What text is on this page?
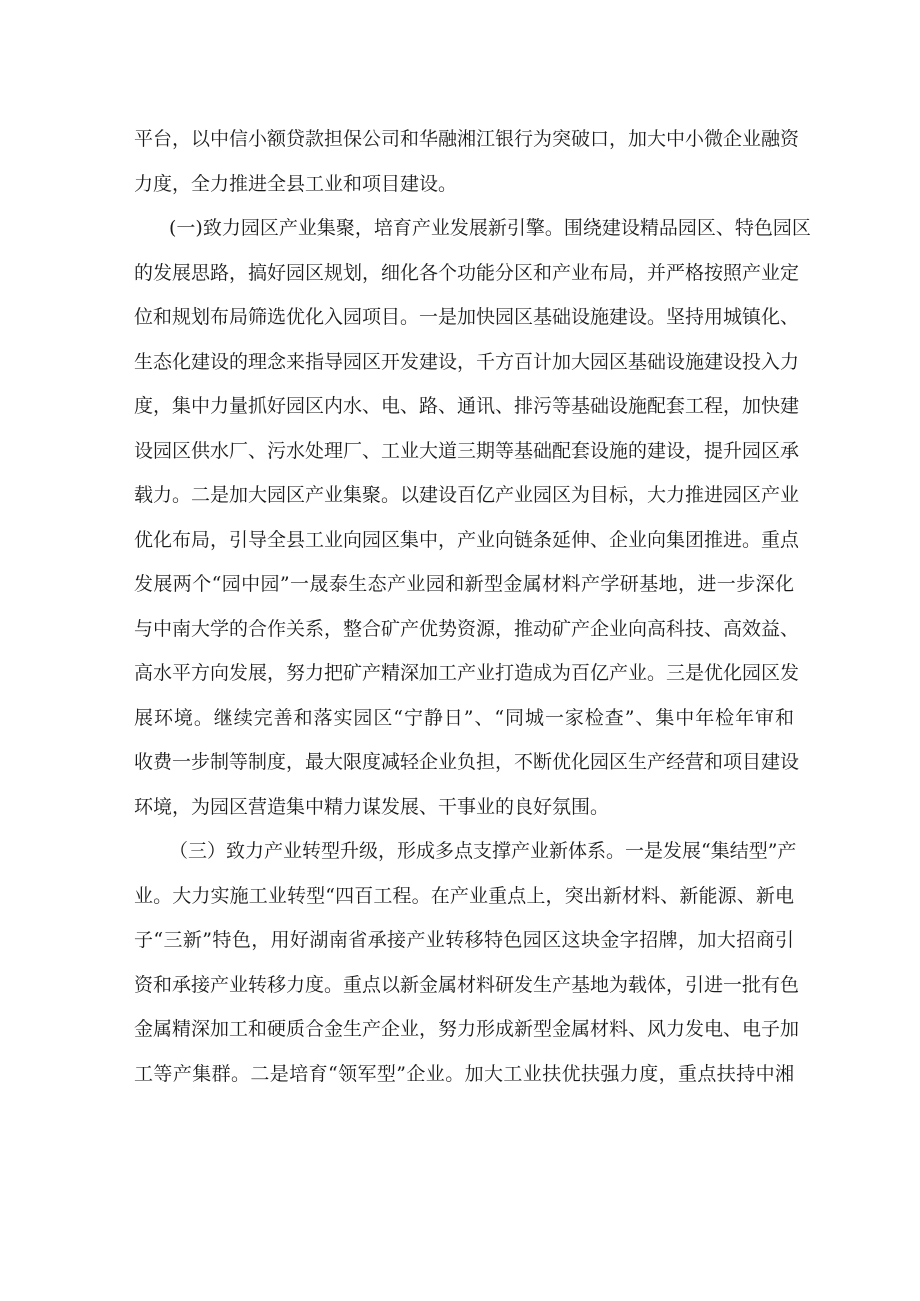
平台，以中信小额贷款担保公司和华融湘江银行为突破口，加大中小微企业融资
力度，全力推进全县工业和项目建设。
(一)致力园区产业集聚，培育产业发展新引擎。围绕建设精品园区、特色园区
的发展思路，搞好园区规划，细化各个功能分区和产业布局，并严格按照产业定
位和规划布局筛选优化入园项目。一是加快园区基础设施建设。坚持用城镇化、
生态化建设的理念来指导园区开发建设，千方百计加大园区基础设施建设投入力
度，集中力量抓好园区内水、电、路、通讯、排污等基础设施配套工程，加快建
设园区供水厂、污水处理厂、工业大道三期等基础配套设施的建设，提升园区承
载力。二是加大园区产业集聚。以建设百亿产业园区为目标，大力推进园区产业
优化布局，引导全县工业向园区集中，产业向链条延伸、企业向集团推进。重点
发展两个“园中园”一晟泰生态产业园和新型金属材料产学研基地，进一步深化
与中南大学的合作关系，整合矿产优势资源，推动矿产企业向高科技、高效益、
高水平方向发展，努力把矿产精深加工产业打造成为百亿产业。三是优化园区发
展环境。继续完善和落实园区“宁静日”、“同城一家检查”、集中年检年审和
收费一步制等制度，最大限度减轻企业负担，不断优化园区生产经营和项目建设
环境，为园区营造集中精力谋发展、干事业的良好氛围。
（三）致力产业转型升级，形成多点支撑产业新体系。一是发展“集结型”产
业。大力实施工业转型“四百工程。在产业重点上，突出新材料、新能源、新电
子“三新”特色，用好湖南省承接产业转移特色园区这块金字招牌，加大招商引
资和承接产业转移力度。重点以新金属材料研发生产基地为载体，引进一批有色
金属精深加工和硬质合金生产企业，努力形成新型金属材料、风力发电、电子加
工等产集群。二是培育“领军型”企业。加大工业扶优扶强力度，重点扶持中湘
